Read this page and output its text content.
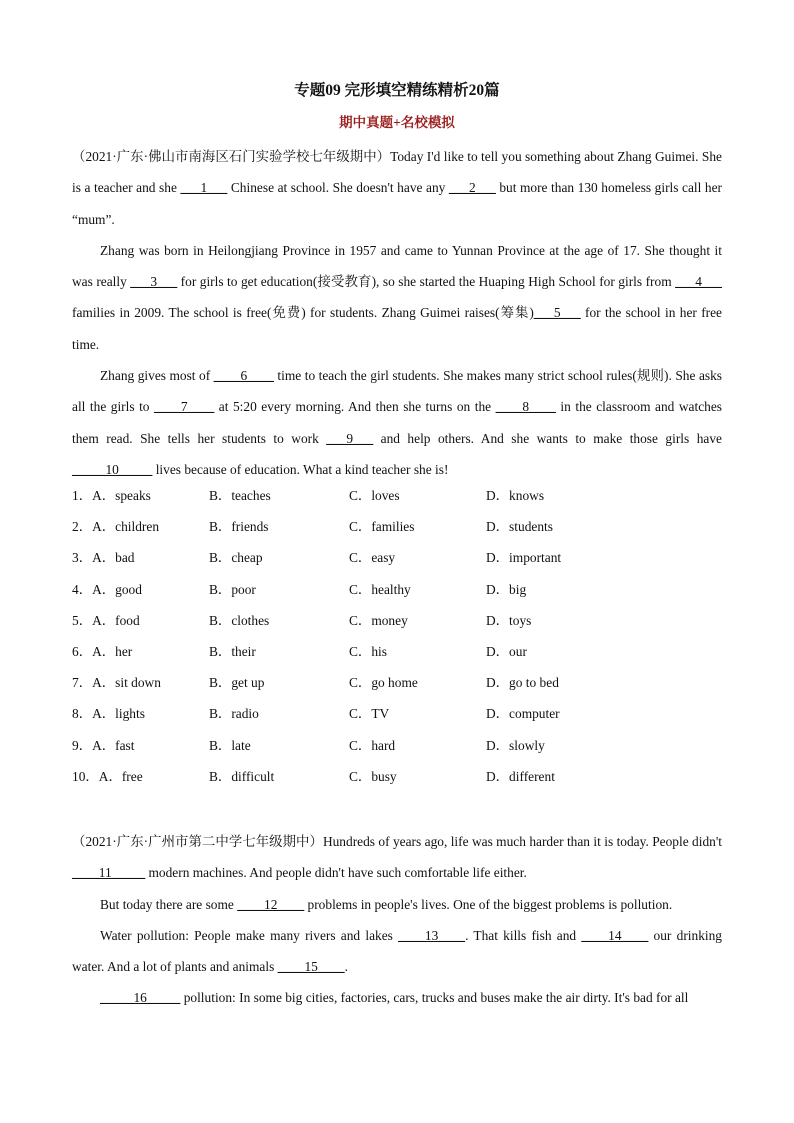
专题09 完形填空精练精析20篇
期中真题+名校模拟

（2021·广东·佛山市南海区石门实验学校七年级期中）Today I'd like to tell you something about Zhang Guimei. She is a teacher and she ___1___ Chinese at school. She doesn't have any ___2___ but more than 130 homeless girls call her “mum”.

Zhang was born in Heilongjiang Province in 1957 and came to Yunnan Province at the age of 17. She thought it was really ___3___ for girls to get education(接受教育), so she started the Huaping High School for girls from ___4___ families in 2009. The school is free(免费) for students. Zhang Guimei raises(筹集)___5___ for the school in her free time.

Zhang gives most of ____6____ time to teach the girl students. She makes many strict school rules(规则). She asks all the girls to ____7____ at 5:20 every morning. And then she turns on the ____8____ in the classroom and watches them read. She tells her students to work ___9___ and help others. And she wants to make those girls have _____10_____ lives because of education. What a kind teacher she is!

1．A．speaks	B．teaches	C．loves	D．knows
2．A．children	B．friends	C．families	D．students
3．A．bad	B．cheap	C．easy	D．important
4．A．good	B．poor	C．healthy	D．big
5．A．food	B．clothes	C．money	D．toys
6．A．her	B．their	C．his	D．our
7．A．sit down	B．get up	C．go home	D．go to bed
8．A．lights	B．radio	C．TV	D．computer
9．A．fast	B．late	C．hard	D．slowly
10．A．free	B．difficult	C．busy	D．different

（2021·广东·广州市第二中学七年级期中）Hundreds of years ago, life was much harder than it is today. People didn't ____11_____ modern machines. And people didn't have such comfortable life either.

But today there are some ____12____ problems in people's lives. One of the biggest problems is pollution.

Water pollution: People make many rivers and lakes ____13____. That kills fish and ____14____ our drinking water. And a lot of plants and animals ____15____.

_____16_____ pollution: In some big cities, factories, cars, trucks and buses make the air dirty. It's bad for all
